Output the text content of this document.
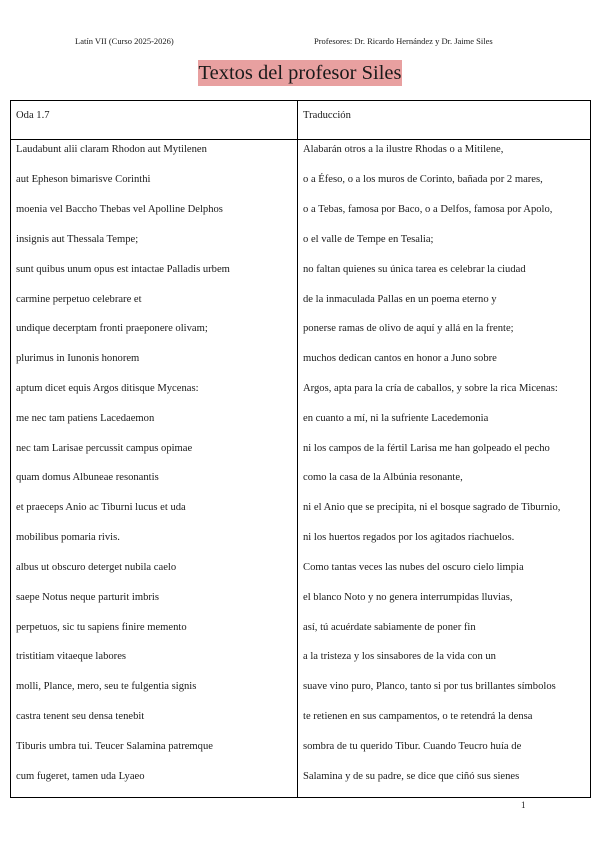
Latín VII (Curso 2025-2026)	Profesores: Dr. Ricardo Hernández y Dr. Jaime Siles
Textos del profesor Siles
Oda 1.7	Traducción
Laudabunt alii claram Rhodon aut Mytilenen	Alabarán otros a la ilustre Rhodas o a Mitilene,
aut Epheson bimarisve Corinthi	o a Éfeso, o a los muros de Corinto, bañada por 2 mares,
moenia vel Baccho Thebas vel Apolline Delphos	o a Tebas, famosa por Baco, o a Delfos, famosa por Apolo,
insignis aut Thessala Tempe;	o el valle de Tempe en Tesalia;
sunt quibus unum opus est intactae Palladis urbem	no faltan quienes su única tarea es celebrar la ciudad
carmine perpetuo celebrare et	de la inmaculada Pallas en un poema eterno y
undique decerptam fronti praeponere olivam;	ponerse ramas de olivo de aquí y allá en la frente;
plurimus in Iunonis honorem	muchos dedican cantos en honor a Juno sobre
aptum dicet equis Argos ditisque Mycenas:	Argos, apta para la cría de caballos, y sobre la rica Micenas:
me nec tam patiens Lacedaemon	en cuanto a mí, ni la sufriente Lacedemonia
nec tam Larisae percussit campus opimae	ni los campos de la fértil Larisa me han golpeado el pecho
quam domus Albuneae resonantis	como la casa de la Albúnia resonante,
et praeceps Anio ac Tiburni lucus et uda	ni el Anio que se precipita, ni el bosque sagrado de Tiburnio,
mobilibus pomaria rivis.	ni los huertos regados por los agitados riachuelos.
albus ut obscuro deterget nubila caelo	Como tantas veces las nubes del oscuro cielo limpia
saepe Notus neque parturit imbris	el blanco Noto y no genera interrumpidas lluvias,
perpetuos, sic tu sapiens finire memento	así, tú acuérdate sabiamente de poner fin
tristitiam vitaeque labores	a la tristeza y los sinsabores de la vida con un
molli, Plance, mero, seu te fulgentia signis	suave vino puro, Planco, tanto si por tus brillantes símbolos
castra tenent seu densa tenebit	te retienen en sus campamentos, o te retendrá la densa
Tiburis umbra tui. Teucer Salamina patremque	sombra de tu querido Tibur. Cuando Teucro huía de
cum fugeret, tamen uda Lyaeo	Salamina y de su padre, se dice que ciñó sus sienes
1
